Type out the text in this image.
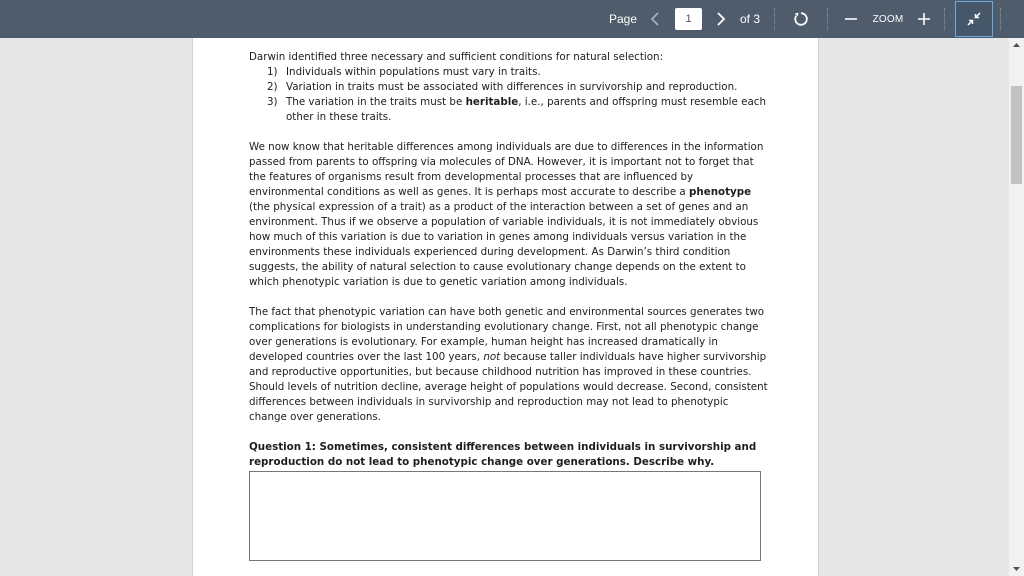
Page
1	of 3	ZOOM

Darwin identified three necessary and sufficient conditions for natural selection:

1) Individuals within populations must vary in traits.
2) Variation in traits must be associated with differences in survivorship and reproduction.
3) The variation in the traits must be heritable, i.e., parents and offspring must resemble each other in these traits.

We now know that heritable differences among individuals are due to differences in the information passed from parents to offspring via molecules of DNA. However, it is important not to forget that the features of organisms result from developmental processes that are influenced by environmental conditions as well as genes. It is perhaps most accurate to describe a phenotype (the physical expression of a trait) as a product of the interaction between a set of genes and an environment. Thus if we observe a population of variable individuals, it is not immediately obvious how much of this variation is due to variation in genes among individuals versus variation in the environments these individuals experienced during development. As Darwin’s third condition suggests, the ability of natural selection to cause evolutionary change depends on the extent to which phenotypic variation is due to genetic variation among individuals.

The fact that phenotypic variation can have both genetic and environmental sources generates two complications for biologists in understanding evolutionary change. First, not all phenotypic change over generations is evolutionary. For example, human height has increased dramatically in developed countries over the last 100 years, not because taller individuals have higher survivorship and reproductive opportunities, but because childhood nutrition has improved in these countries. Should levels of nutrition decline, average height of populations would decrease. Second, consistent differences between individuals in survivorship and reproduction may not lead to phenotypic change over generations.

Question 1: Sometimes, consistent differences between individuals in survivorship and reproduction do not lead to phenotypic change over generations. Describe why.
